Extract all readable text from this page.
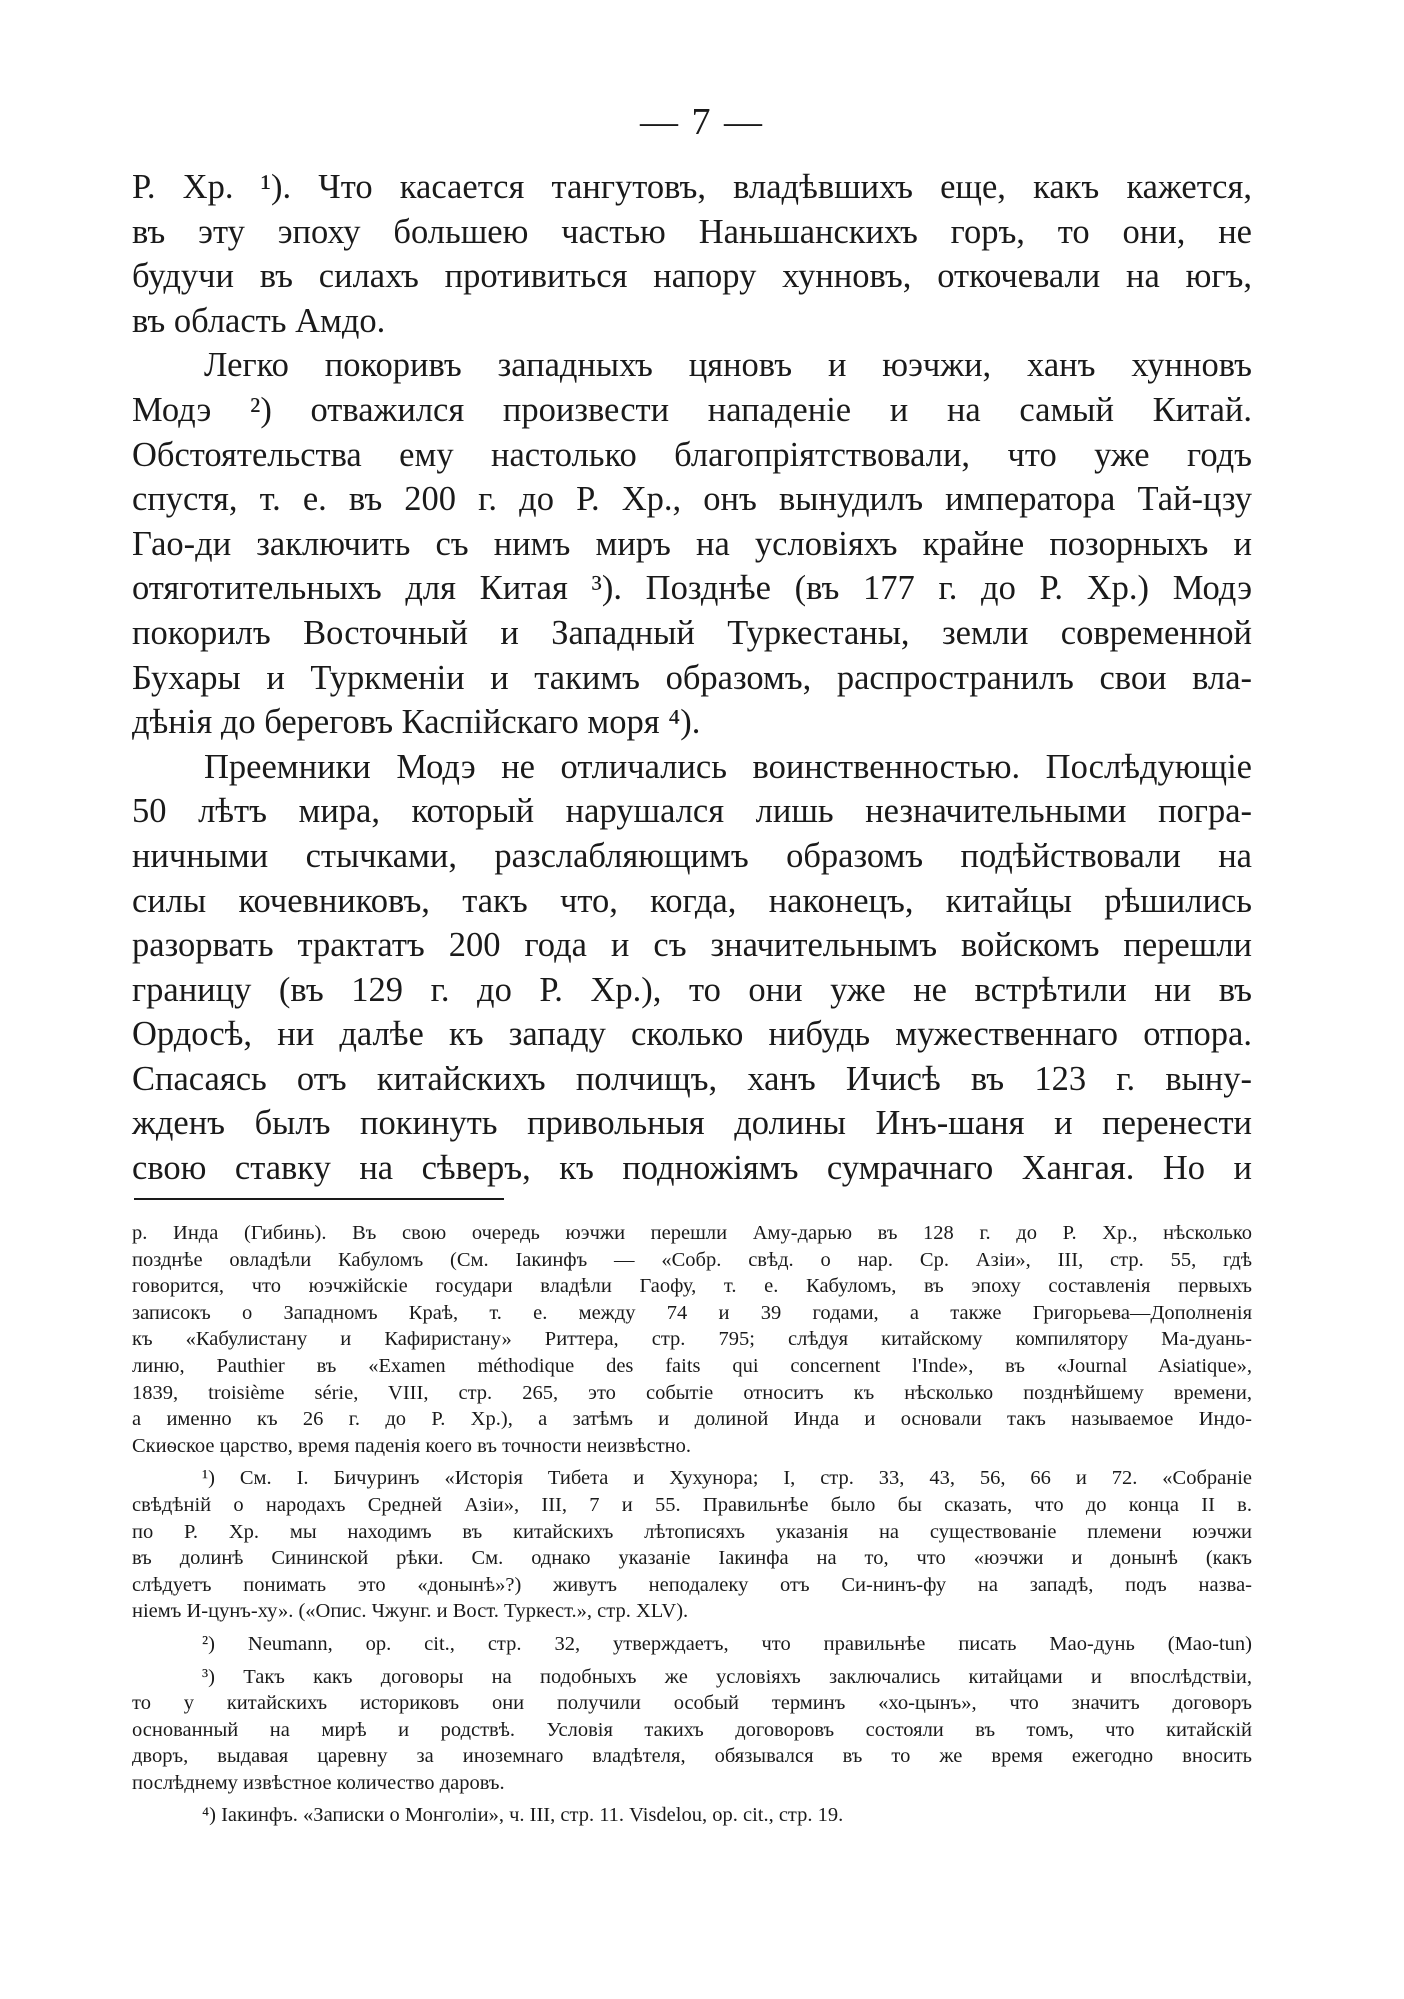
— 7 —
Р. Хр. ¹). Что касается тангутовъ, владѣвшихъ еще, какъ кажется,
въ эту эпоху большею частью Наньшанскихъ горъ, то они, не
будучи въ силахъ противиться напору хунновъ, откочевали на югъ,
въ область Амдо.
Легко покоривъ западныхъ цяновъ и юэчжи, ханъ хунновъ
Модэ ²) отважился произвести нападеніе и на самый Китай.
Обстоятельства ему настолько благопріятствовали, что уже годъ
спустя, т. е. въ 200 г. до Р. Хр., онъ вынудилъ императора Тай-цзу
Гао-ди заключить съ нимъ миръ на условіяхъ крайне позорныхъ и
отяготительныхъ для Китая ³). Позднѣе (въ 177 г. до Р. Хр.) Модэ
покорилъ Восточный и Западный Туркестаны, земли современной
Бухары и Туркменіи и такимъ образомъ, распространилъ свои вла-
дѣнія до береговъ Каспійскаго моря ⁴).
Преемники Модэ не отличались воинственностью. Послѣдующіе
50 лѣтъ мира, который нарушался лишь незначительными погра-
ничными стычками, разслабляющимъ образомъ подѣйствовали на
силы кочевниковъ, такъ что, когда, наконецъ, китайцы рѣшились
разорвать трактатъ 200 года и съ значительнымъ войскомъ перешли
границу (въ 129 г. до Р. Хр.), то они уже не встрѣтили ни въ
Ордосѣ, ни далѣе къ западу сколько нибудь мужественнаго отпора.
Спасаясь отъ китайскихъ полчищъ, ханъ Ичисѣ въ 123 г. выну-
жденъ былъ покинуть привольныя долины Инъ-шаня и перенести
свою ставку на сѣверъ, къ подножіямъ сумрачнаго Хангая. Но и
р. Инда (Гибинь). Въ свою очередь юэчжи перешли Аму-дарью въ 128 г. до Р. Хр., нѣсколько
позднѣе овладѣли Кабуломъ (См. Іакинфъ — «Собр. свѣд. о нар. Ср. Азіи», III, стр. 55, гдѣ
говорится, что юэчжійскіе государи владѣли Гаофу, т. е. Кабуломъ, въ эпоху составленія первыхъ
записокъ о Западномъ Краѣ, т. е. между 74 и 39 годами, а также Григорьева—Дополненія
къ «Кабулистану и Кафиристану» Риттера, стр. 795; слѣдуя китайскому компилятору Ма-дуань-
линю, Pauthier въ «Examen méthodique des faits qui concernent l'Inde», въ «Journal Asiatique»,
1839, troisième série, VIII, стр. 265, это событіе относитъ къ нѣсколько позднѣйшему времени,
а именно къ 26 г. до Р. Хр.), а затѣмъ и долиной Инда и основали такъ называемое Индо-
Скиѳское царство, время паденія коего въ точности неизвѣстно.
¹) См. І. Бичуринъ «Исторія Тибета и Хухунора; I, стр. 33, 43, 56, 66 и 72. «Собраніе
свѣдѣній о народахъ Средней Азіи», III, 7 и 55. Правильнѣе было бы сказать, что до конца II в.
по Р. Хр. мы находимъ въ китайскихъ лѣтописяхъ указанія на существованіе племени юэчжи
въ долинѣ Сининской рѣки. См. однако указаніе Іакинфа на то, что «юэчжи и донынѣ (какъ
слѣдуетъ понимать это «донынѣ»?) живутъ неподалеку отъ Си-нинъ-фу на западѣ, подъ назва-
ніемъ И-цунъ-ху». («Опис. Чжунг. и Вост. Туркест.», стр. XLV).
²) Neumann, op. cit., стр. 32, утверждаетъ, что правильнѣе писать Мао-дунь (Mao-tun)
³) Такъ какъ договоры на подобныхъ же условіяхъ заключались китайцами и впослѣдствіи,
то у китайскихъ историковъ они получили особый терминъ «хо-цынъ», что значитъ договоръ
основанный на мирѣ и родствѣ. Условія такихъ договоровъ состояли въ томъ, что китайскій
дворъ, выдавая царевну за иноземнаго владѣтеля, обязывался въ то же время ежегодно вносить
послѣднему извѣстное количество даровъ.
⁴) Іакинфъ. «Записки о Монголіи», ч. III, стр. 11. Visdelou, op. cit., стр. 19.
